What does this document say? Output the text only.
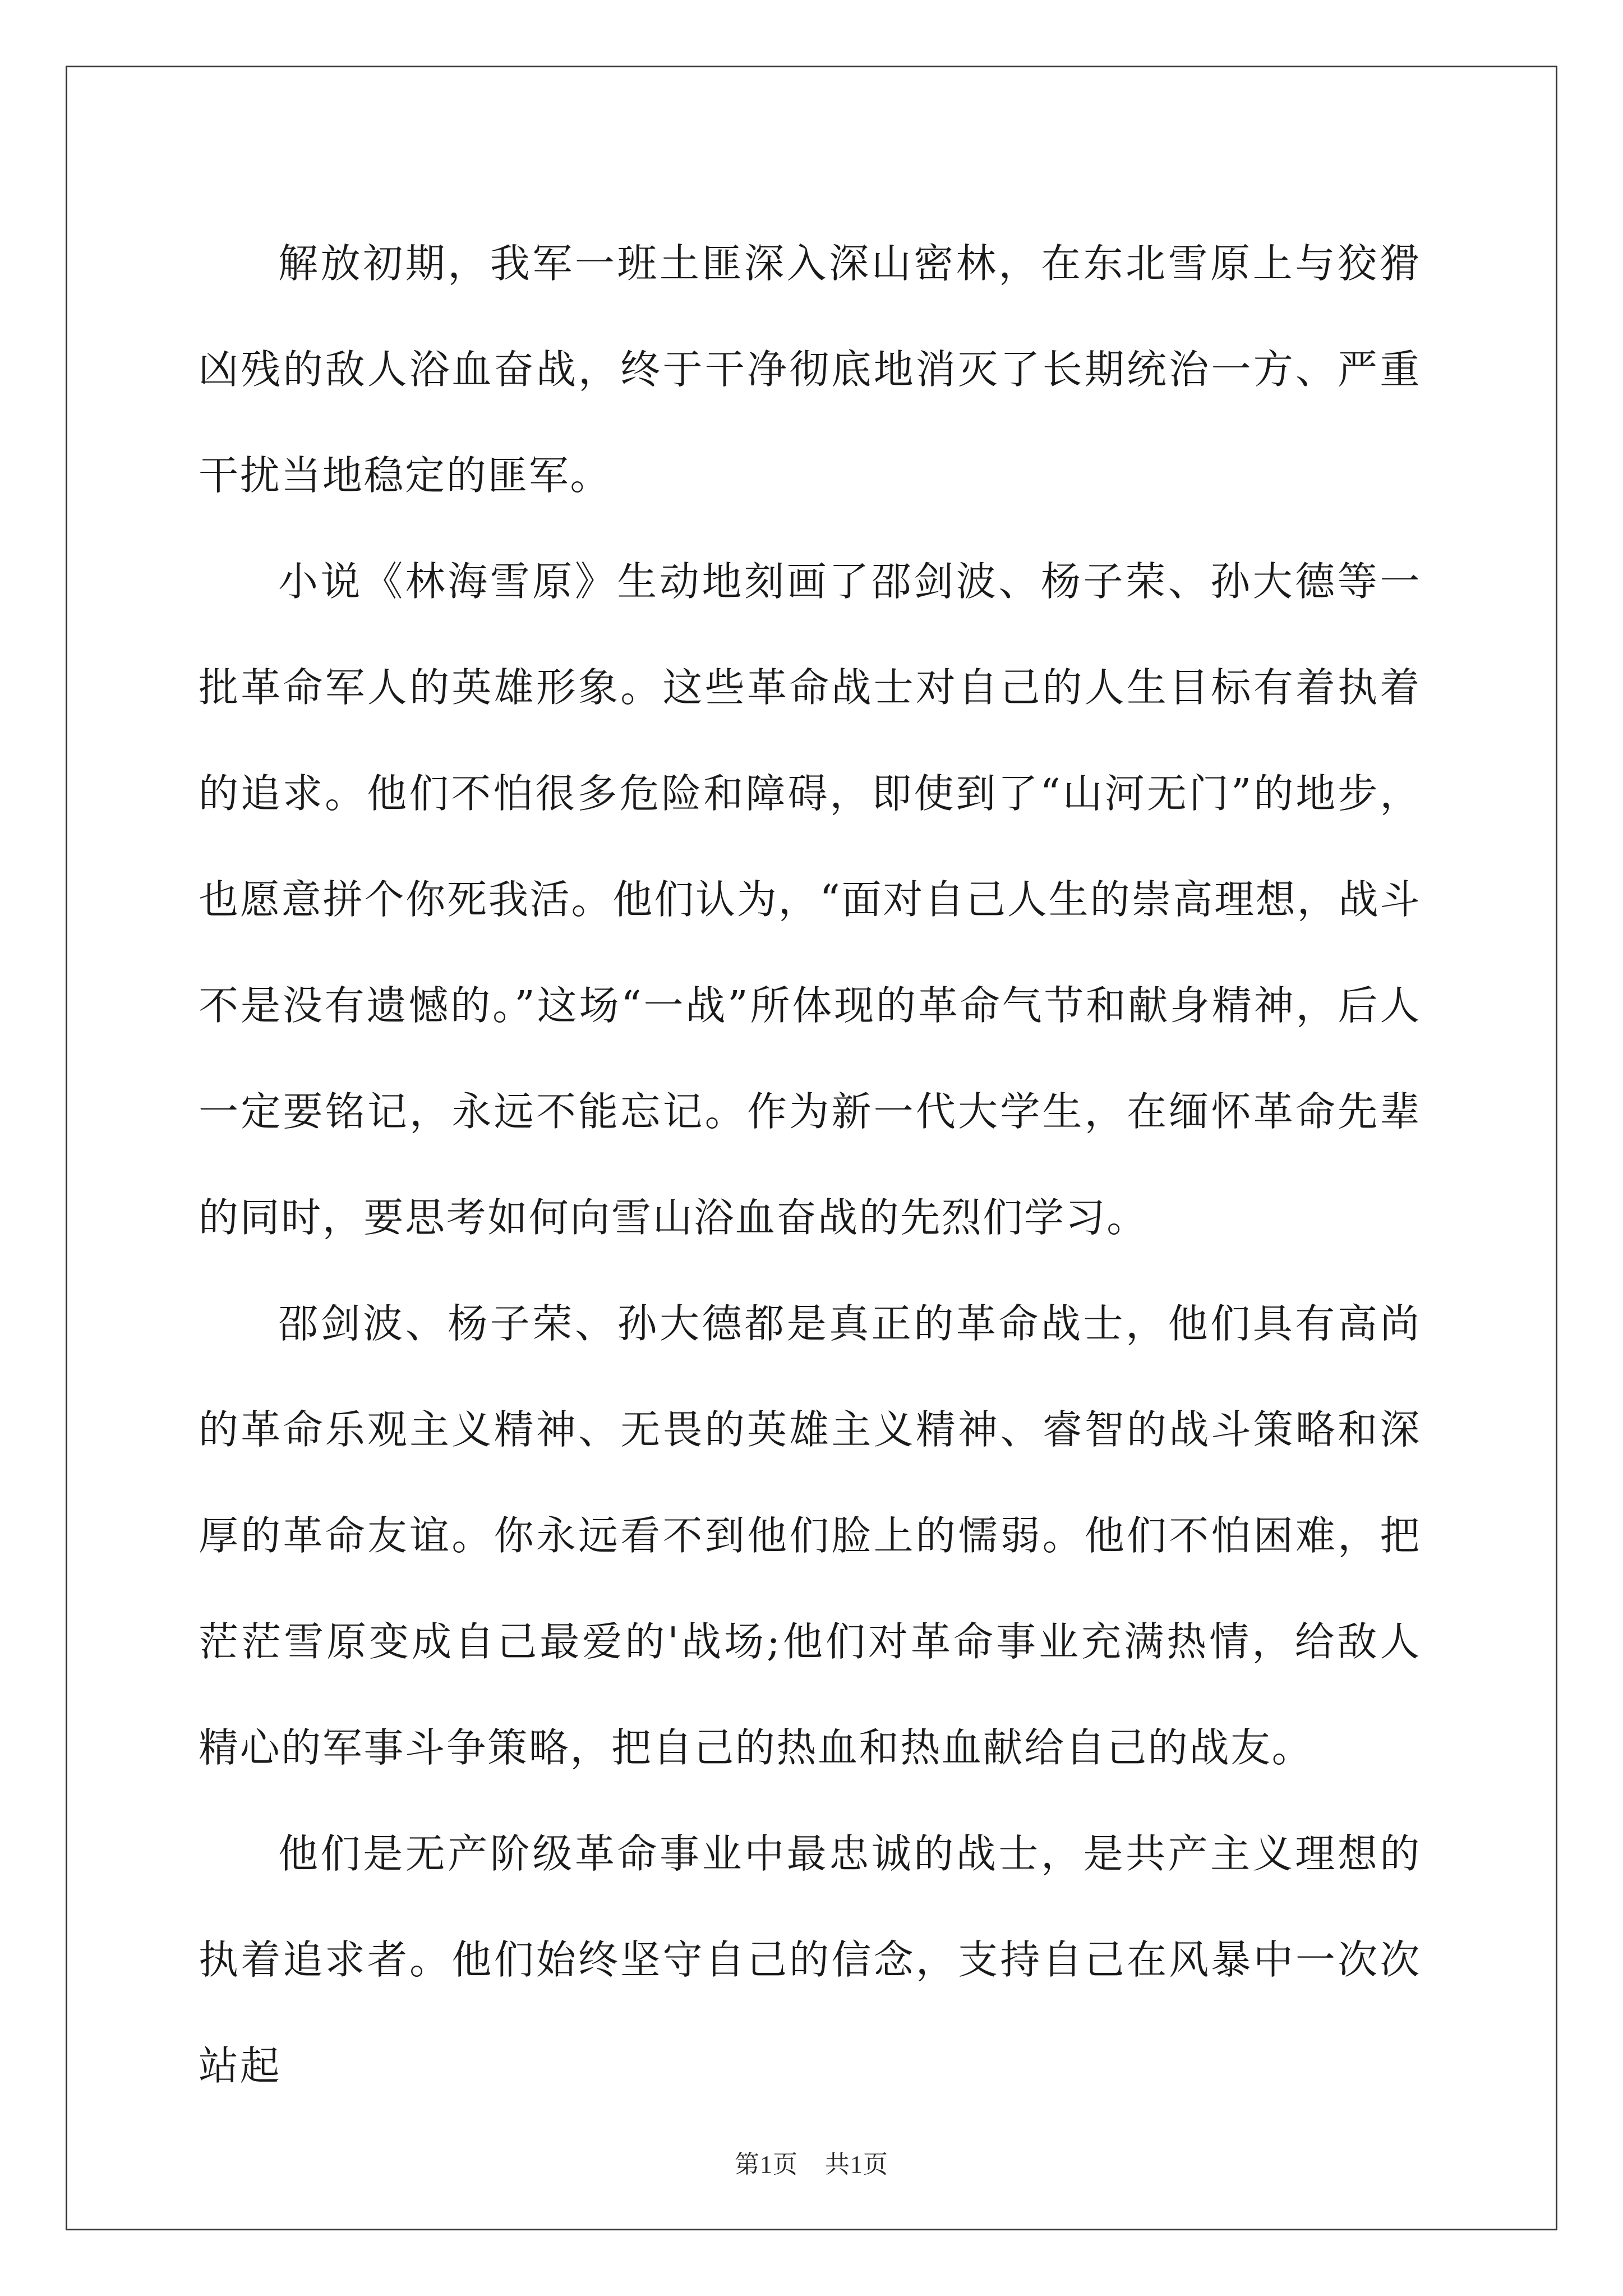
解放初期，我军一班土匪深入深山密林，在东北雪原上与狡猾凶残的敌人浴血奋战，终于干净彻底地消灭了长期统治一方、严重干扰当地稳定的匪军。

小说《林海雪原》生动地刻画了邵剑波、杨子荣、孙大德等一批革命军人的英雄形象。这些革命战士对自己的人生目标有着执着的追求。他们不怕很多危险和障碍，即使到了“山河无门”的地步，也愿意拼个你死我活。他们认为，“面对自己人生的崇高理想，战斗不是没有遗憾的。”这场“一战”所体现的革命气节和献身精神，后人一定要铭记，永远不能忘记。作为新一代大学生，在缅怀革命先辈的同时，要思考如何向雪山浴血奋战的先烈们学习。

邵剑波、杨子荣、孙大德都是真正的革命战士，他们具有高尚的革命乐观主义精神、无畏的英雄主义精神、睿智的战斗策略和深厚的革命友谊。你永远看不到他们脸上的懦弱。他们不怕困难，把茫茫雪原变成自己最爱的'战场;他们对革命事业充满热情，给敌人精心的军事斗争策略，把自己的热血和热血献给自己的战友。

他们是无产阶级革命事业中最忠诚的战士，是共产主义理想的执着追求者。他们始终坚守自己的信念，支持自己在风暴中一次次站起

第1页 共1页
